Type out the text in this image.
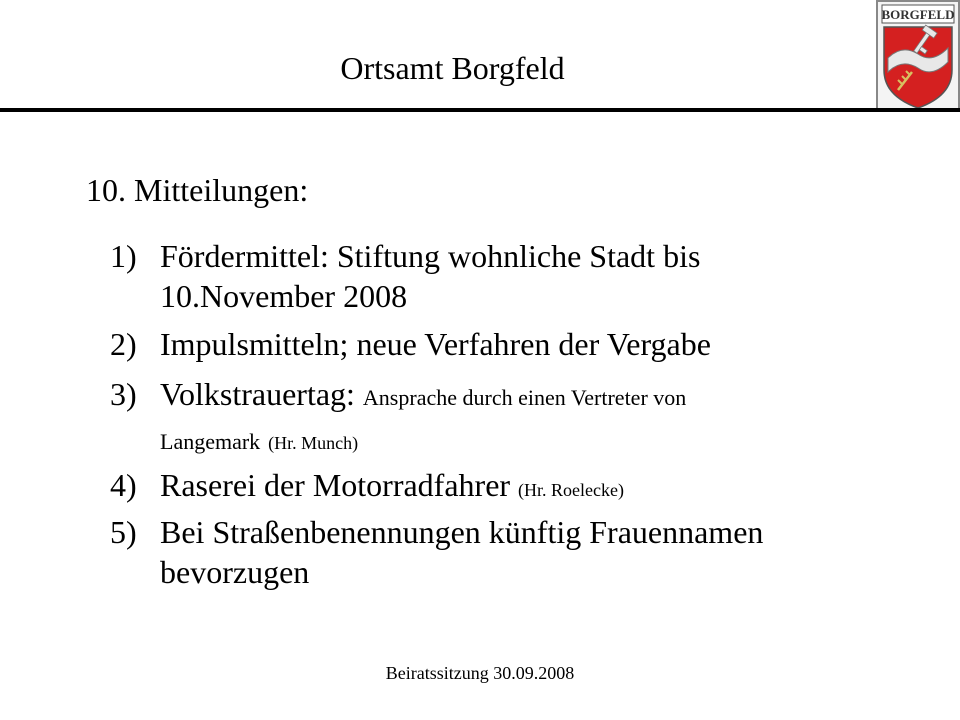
Ortsamt Borgfeld
BORGFELD
10. Mitteilungen:
1) Fördermittel: Stiftung wohnliche Stadt bis
10.November 2008
2) Impulsmitteln; neue Verfahren der Vergabe
3) Volkstrauertag: Ansprache durch einen Vertreter von
Langemark (Hr. Munch)
4) Raserei der Motorradfahrer (Hr. Roelecke)
5) Bei Straßenbenennungen künftig Frauennamen
bevorzugen
Beiratssitzung 30.09.2008
